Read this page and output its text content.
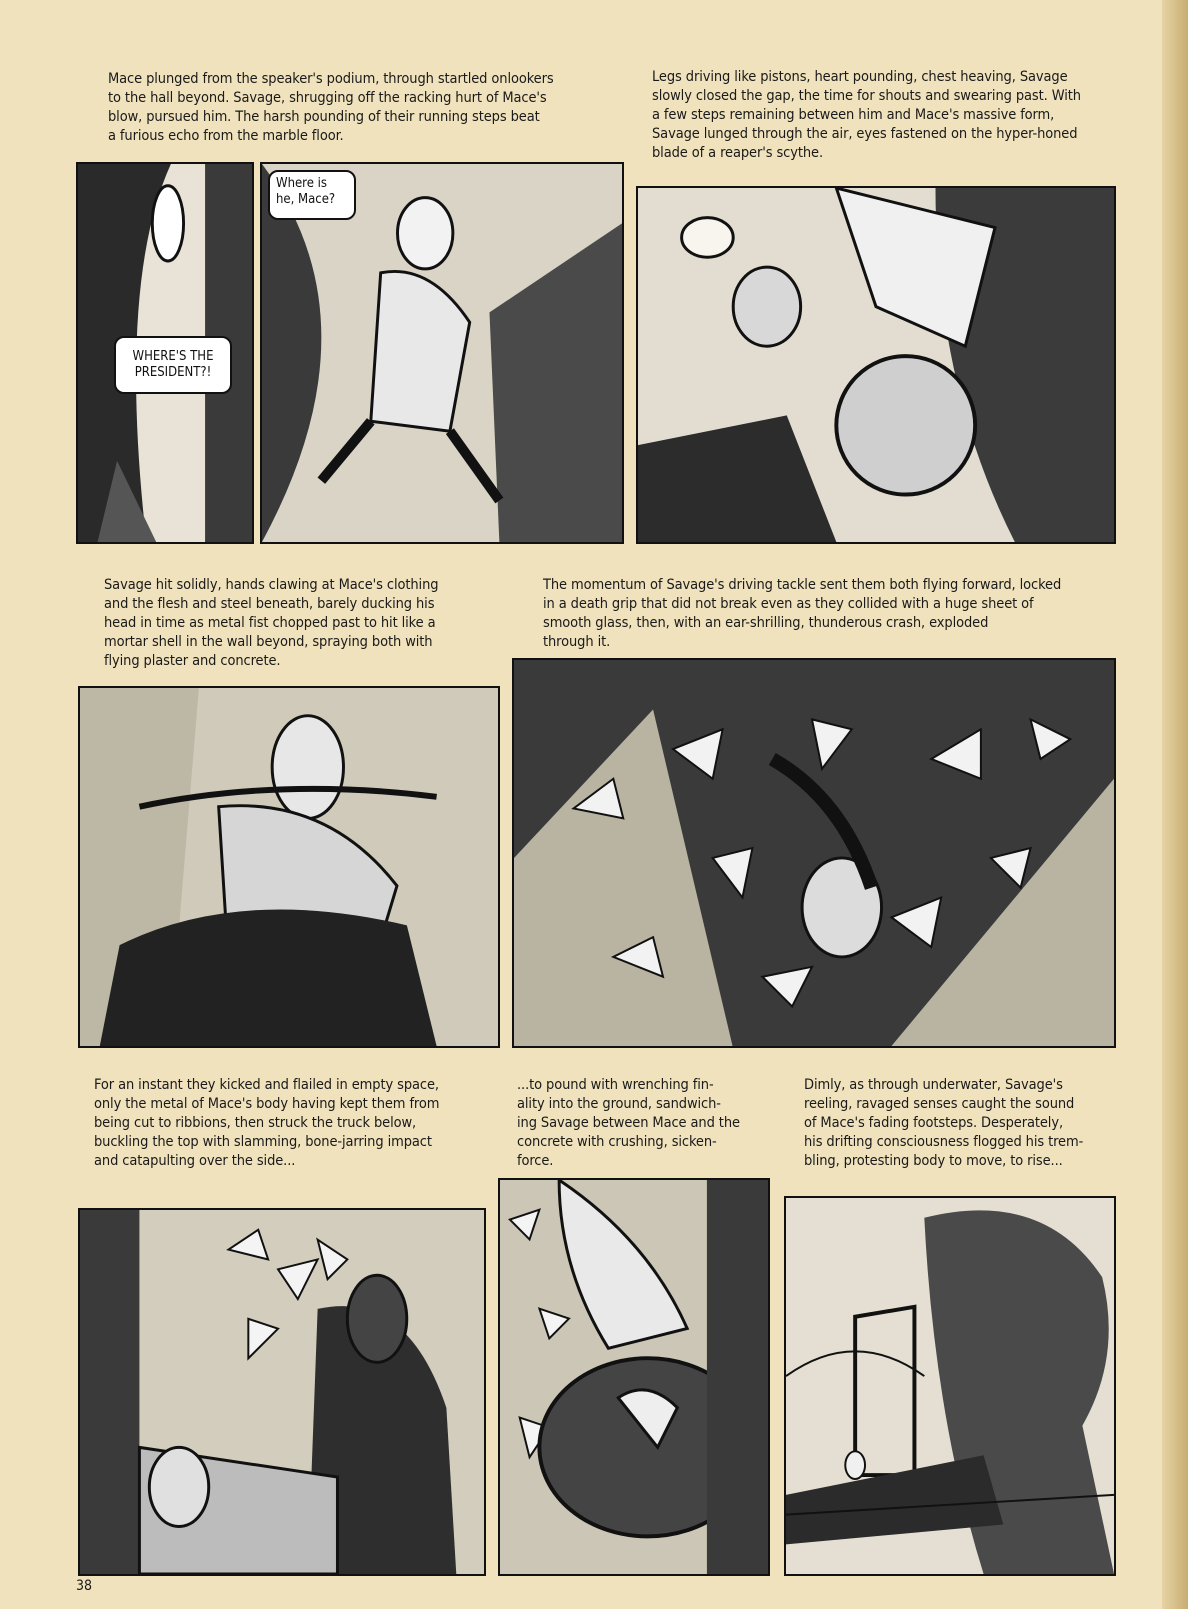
Mace plunged from the speaker's podium, through startled onlookers
to the hall beyond. Savage, shrugging off the racking hurt of Mace's
blow, pursued him. The harsh pounding of their running steps beat
a furious echo from the marble floor.

Legs driving like pistons, heart pounding, chest heaving, Savage
slowly closed the gap, the time for shouts and swearing past. With
a few steps remaining between him and Mace's massive form,
Savage lunged through the air, eyes fastened on the hyper-honed
blade of a reaper's scythe.

WHERE'S THE
PRESIDENT?!
Where is
he, Mace?

Savage hit solidly, hands clawing at Mace's clothing
and the flesh and steel beneath, barely ducking his
head in time as metal fist chopped past to hit like a
mortar shell in the wall beyond, spraying both with
flying plaster and concrete.

The momentum of Savage's driving tackle sent them both flying forward, locked
in a death grip that did not break even as they collided with a huge sheet of
smooth glass, then, with an ear-shrilling, thunderous crash, exploded
through it.

For an instant they kicked and flailed in empty space,
only the metal of Mace's body having kept them from
being cut to ribbions, then struck the truck below,
buckling the top with slamming, bone-jarring impact
and catapulting over the side...

...to pound with wrenching fin-
ality into the ground, sandwich-
ing Savage between Mace and the
concrete with crushing, sicken-
force.

Dimly, as through underwater, Savage's
reeling, ravaged senses caught the sound
of Mace's fading footsteps. Desperately,
his drifting consciousness flogged his trem-
bling, protesting body to move, to rise...

38
